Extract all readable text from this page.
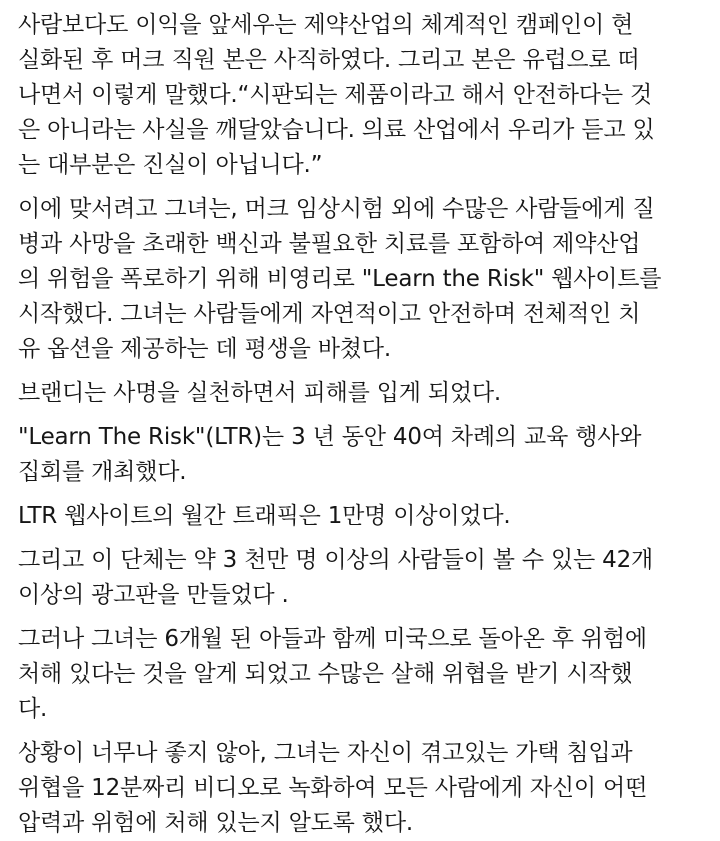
사람보다도 이익을 앞세우는 제약산업의 체계적인 캠페인이 현
실화된 후 머크 직원 본은 사직하였다. 그리고 본은 유럽으로 떠
나면서 이렇게 말했다.“시판되는 제품이라고 해서 안전하다는 것
은 아니라는 사실을 깨달았습니다. 의료 산업에서 우리가 듣고 있
는 대부분은 진실이 아닙니다.”

이에 맞서려고 그녀는, 머크 임상시험 외에 수많은 사람들에게 질
병과 사망을 초래한 백신과 불필요한 치료를 포함하여 제약산업
의 위험을 폭로하기 위해 비영리로 "Learn the Risk" 웹사이트를
시작했다. 그녀는 사람들에게 자연적이고 안전하며 전체적인 치
유 옵션을 제공하는 데 평생을 바쳤다.

브랜디는 사명을 실천하면서 피해를 입게 되었다.

"Learn The Risk"(LTR)는 3 년 동안 40여 차례의 교육 행사와
집회를 개최했다.

LTR 웹사이트의 월간 트래픽은 1만명 이상이었다.

그리고 이 단체는 약 3 천만 명 이상의 사람들이 볼 수 있는 42개
이상의 광고판을 만들었다 .

그러나 그녀는 6개월 된 아들과 함께 미국으로 돌아온 후 위험에
처해 있다는 것을 알게 되었고 수많은 살해 위협을 받기 시작했
다.

상황이 너무나 좋지 않아, 그녀는 자신이 겪고있는 가택 침입과
위협을 12분짜리 비디오로 녹화하여 모든 사람에게 자신이 어떤
압력과 위험에 처해 있는지 알도록 했다.
